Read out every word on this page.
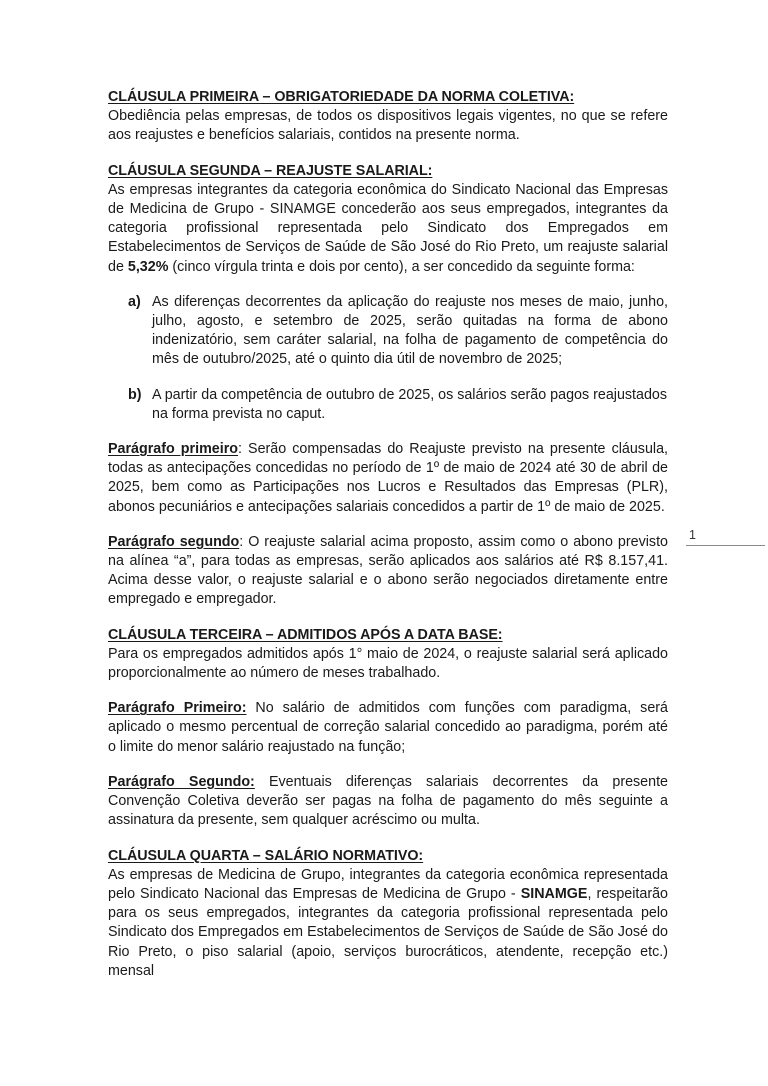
CLÁUSULA PRIMEIRA – OBRIGATORIEDADE DA NORMA COLETIVA:
Obediência pelas empresas, de todos os dispositivos legais vigentes, no que se refere aos reajustes e benefícios salariais, contidos na presente norma.
CLÁUSULA SEGUNDA – REAJUSTE SALARIAL:
As empresas integrantes da categoria econômica do Sindicato Nacional das Empresas de Medicina de Grupo - SINAMGE concederão aos seus empregados, integrantes da categoria profissional representada pelo Sindicato dos Empregados em Estabelecimentos de Serviços de Saúde de São José do Rio Preto, um reajuste salarial de 5,32% (cinco vírgula trinta e dois por cento), a ser concedido da seguinte forma:
a) As diferenças decorrentes da aplicação do reajuste nos meses de maio, junho, julho, agosto, e setembro de 2025, serão quitadas na forma de abono indenizatório, sem caráter salarial, na folha de pagamento de competência do mês de outubro/2025, até o quinto dia útil de novembro de 2025;
b) A partir da competência de outubro de 2025, os salários serão pagos reajustados na forma prevista no caput.
Parágrafo primeiro: Serão compensadas do Reajuste previsto na presente cláusula, todas as antecipações concedidas no período de 1º de maio de 2024 até 30 de abril de 2025, bem como as Participações nos Lucros e Resultados das Empresas (PLR), abonos pecuniários e antecipações salariais concedidos a partir de 1º de maio de 2025.
Parágrafo segundo: O reajuste salarial acima proposto, assim como o abono previsto na alínea “a”, para todas as empresas, serão aplicados aos salários até R$ 8.157,41. Acima desse valor, o reajuste salarial e o abono serão negociados diretamente entre empregado e empregador.
CLÁUSULA TERCEIRA – ADMITIDOS APÓS A DATA BASE:
Para os empregados admitidos após 1° maio de 2024, o reajuste salarial será aplicado proporcionalmente ao número de meses trabalhado.
Parágrafo Primeiro: No salário de admitidos com funções com paradigma, será aplicado o mesmo percentual de correção salarial concedido ao paradigma, porém até o limite do menor salário reajustado na função;
Parágrafo Segundo: Eventuais diferenças salariais decorrentes da presente Convenção Coletiva deverão ser pagas na folha de pagamento do mês seguinte a assinatura da presente, sem qualquer acréscimo ou multa.
CLÁUSULA QUARTA – SALÁRIO NORMATIVO:
As empresas de Medicina de Grupo, integrantes da categoria econômica representada pelo Sindicato Nacional das Empresas de Medicina de Grupo - SINAMGE, respeitarão para os seus empregados, integrantes da categoria profissional representada pelo Sindicato dos Empregados em Estabelecimentos de Serviços de Saúde de São José do Rio Preto, o piso salarial (apoio, serviços burocráticos, atendente, recepção etc.) mensal
1
